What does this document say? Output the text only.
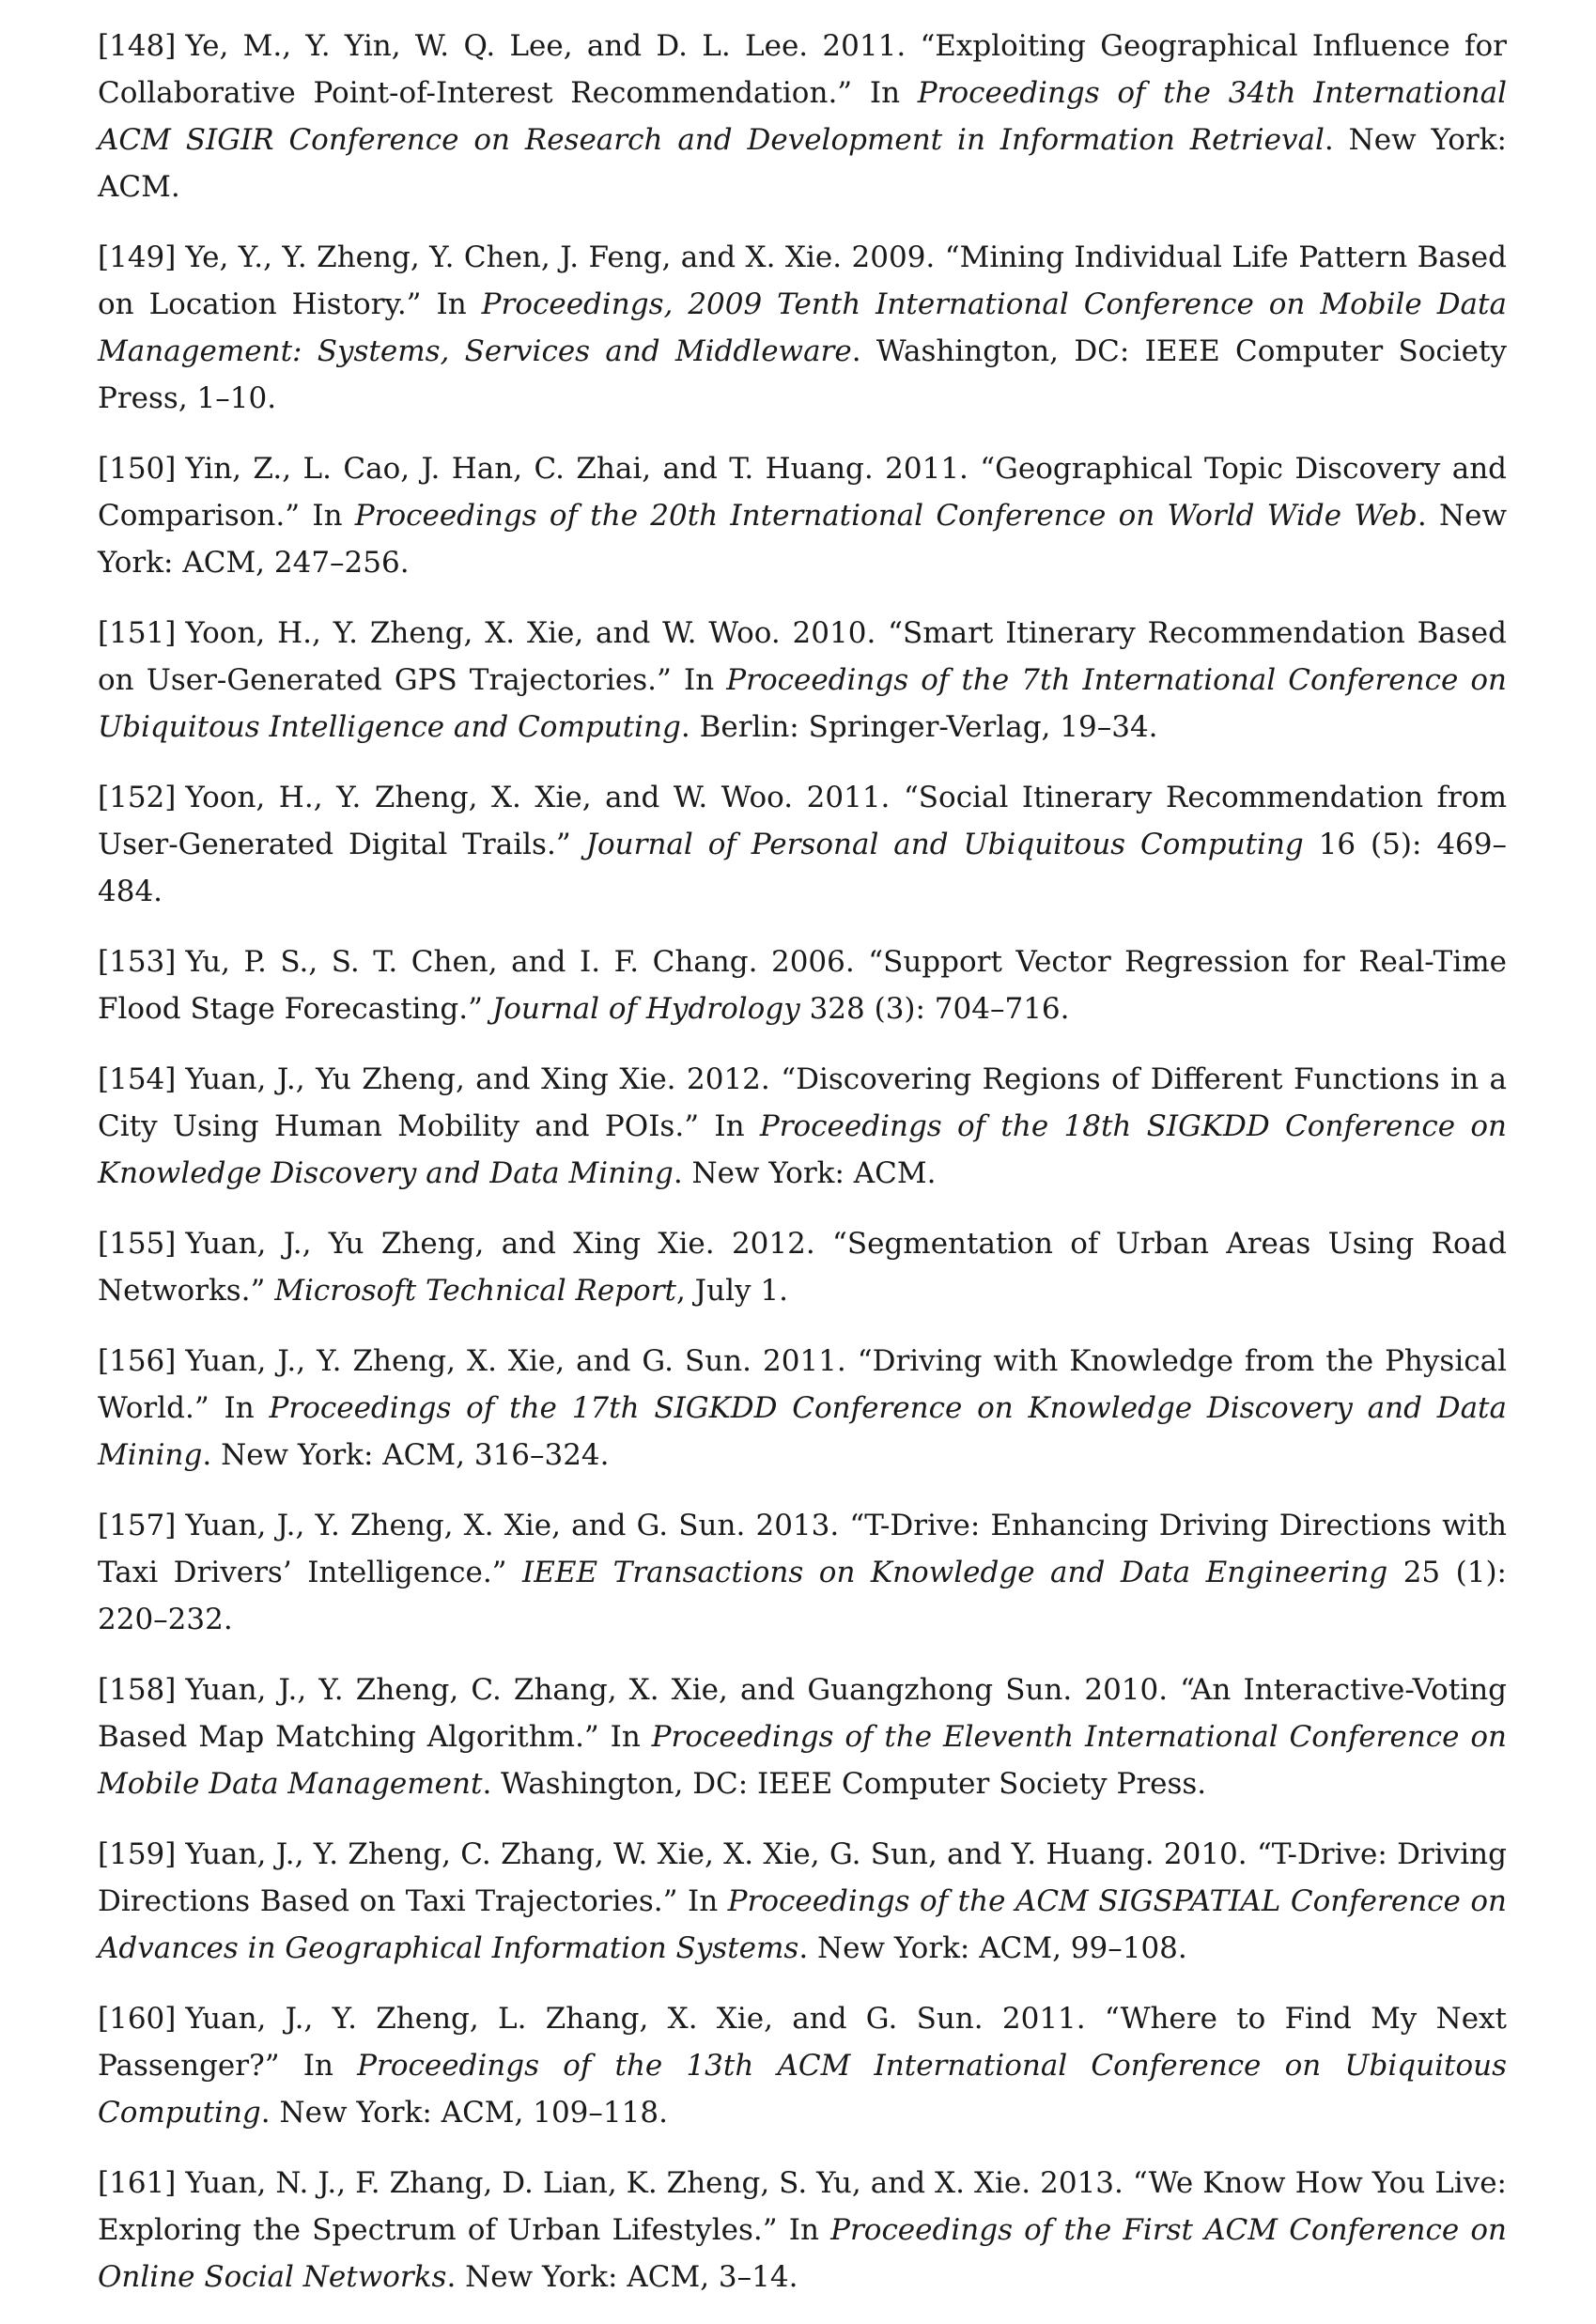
[148] Ye, M., Y. Yin, W. Q. Lee, and D. L. Lee. 2011. “Exploiting Geographical Influence for Collaborative Point-of-Interest Recommendation.” In Proceedings of the 34th International ACM SIGIR Conference on Research and Development in Information Retrieval. New York: ACM.

[149] Ye, Y., Y. Zheng, Y. Chen, J. Feng, and X. Xie. 2009. “Mining Individual Life Pattern Based on Location History.” In Proceedings, 2009 Tenth International Conference on Mobile Data Management: Systems, Services and Middleware. Washington, DC: IEEE Computer Society Press, 1–10.

[150] Yin, Z., L. Cao, J. Han, C. Zhai, and T. Huang. 2011. “Geographical Topic Discovery and Comparison.” In Proceedings of the 20th International Conference on World Wide Web. New York: ACM, 247–256.

[151] Yoon, H., Y. Zheng, X. Xie, and W. Woo. 2010. “Smart Itinerary Recommendation Based on User-Generated GPS Trajectories.” In Proceedings of the 7th International Conference on Ubiquitous Intelligence and Computing. Berlin: Springer-Verlag, 19–34.

[152] Yoon, H., Y. Zheng, X. Xie, and W. Woo. 2011. “Social Itinerary Recommendation from User-Generated Digital Trails.” Journal of Personal and Ubiquitous Computing 16 (5): 469–484.

[153] Yu, P. S., S. T. Chen, and I. F. Chang. 2006. “Support Vector Regression for Real-Time Flood Stage Forecasting.” Journal of Hydrology 328 (3): 704–716.

[154] Yuan, J., Yu Zheng, and Xing Xie. 2012. “Discovering Regions of Different Functions in a City Using Human Mobility and POIs.” In Proceedings of the 18th SIGKDD Conference on Knowledge Discovery and Data Mining. New York: ACM.

[155] Yuan, J., Yu Zheng, and Xing Xie. 2012. “Segmentation of Urban Areas Using Road Networks.” Microsoft Technical Report, July 1.

[156] Yuan, J., Y. Zheng, X. Xie, and G. Sun. 2011. “Driving with Knowledge from the Physical World.” In Proceedings of the 17th SIGKDD Conference on Knowledge Discovery and Data Mining. New York: ACM, 316–324.

[157] Yuan, J., Y. Zheng, X. Xie, and G. Sun. 2013. “T-Drive: Enhancing Driving Directions with Taxi Drivers’ Intelligence.” IEEE Transactions on Knowledge and Data Engineering 25 (1): 220–232.

[158] Yuan, J., Y. Zheng, C. Zhang, X. Xie, and Guangzhong Sun. 2010. “An Interactive-Voting Based Map Matching Algorithm.” In Proceedings of the Eleventh International Conference on Mobile Data Management. Washington, DC: IEEE Computer Society Press.

[159] Yuan, J., Y. Zheng, C. Zhang, W. Xie, X. Xie, G. Sun, and Y. Huang. 2010. “T-Drive: Driving Directions Based on Taxi Trajectories.” In Proceedings of the ACM SIGSPATIAL Conference on Advances in Geographical Information Systems. New York: ACM, 99–108.

[160] Yuan, J., Y. Zheng, L. Zhang, X. Xie, and G. Sun. 2011. “Where to Find My Next Passenger?” In Proceedings of the 13th ACM International Conference on Ubiquitous Computing. New York: ACM, 109–118.

[161] Yuan, N. J., F. Zhang, D. Lian, K. Zheng, S. Yu, and X. Xie. 2013. “We Know How You Live: Exploring the Spectrum of Urban Lifestyles.” In Proceedings of the First ACM Conference on Online Social Networks. New York: ACM, 3–14.
